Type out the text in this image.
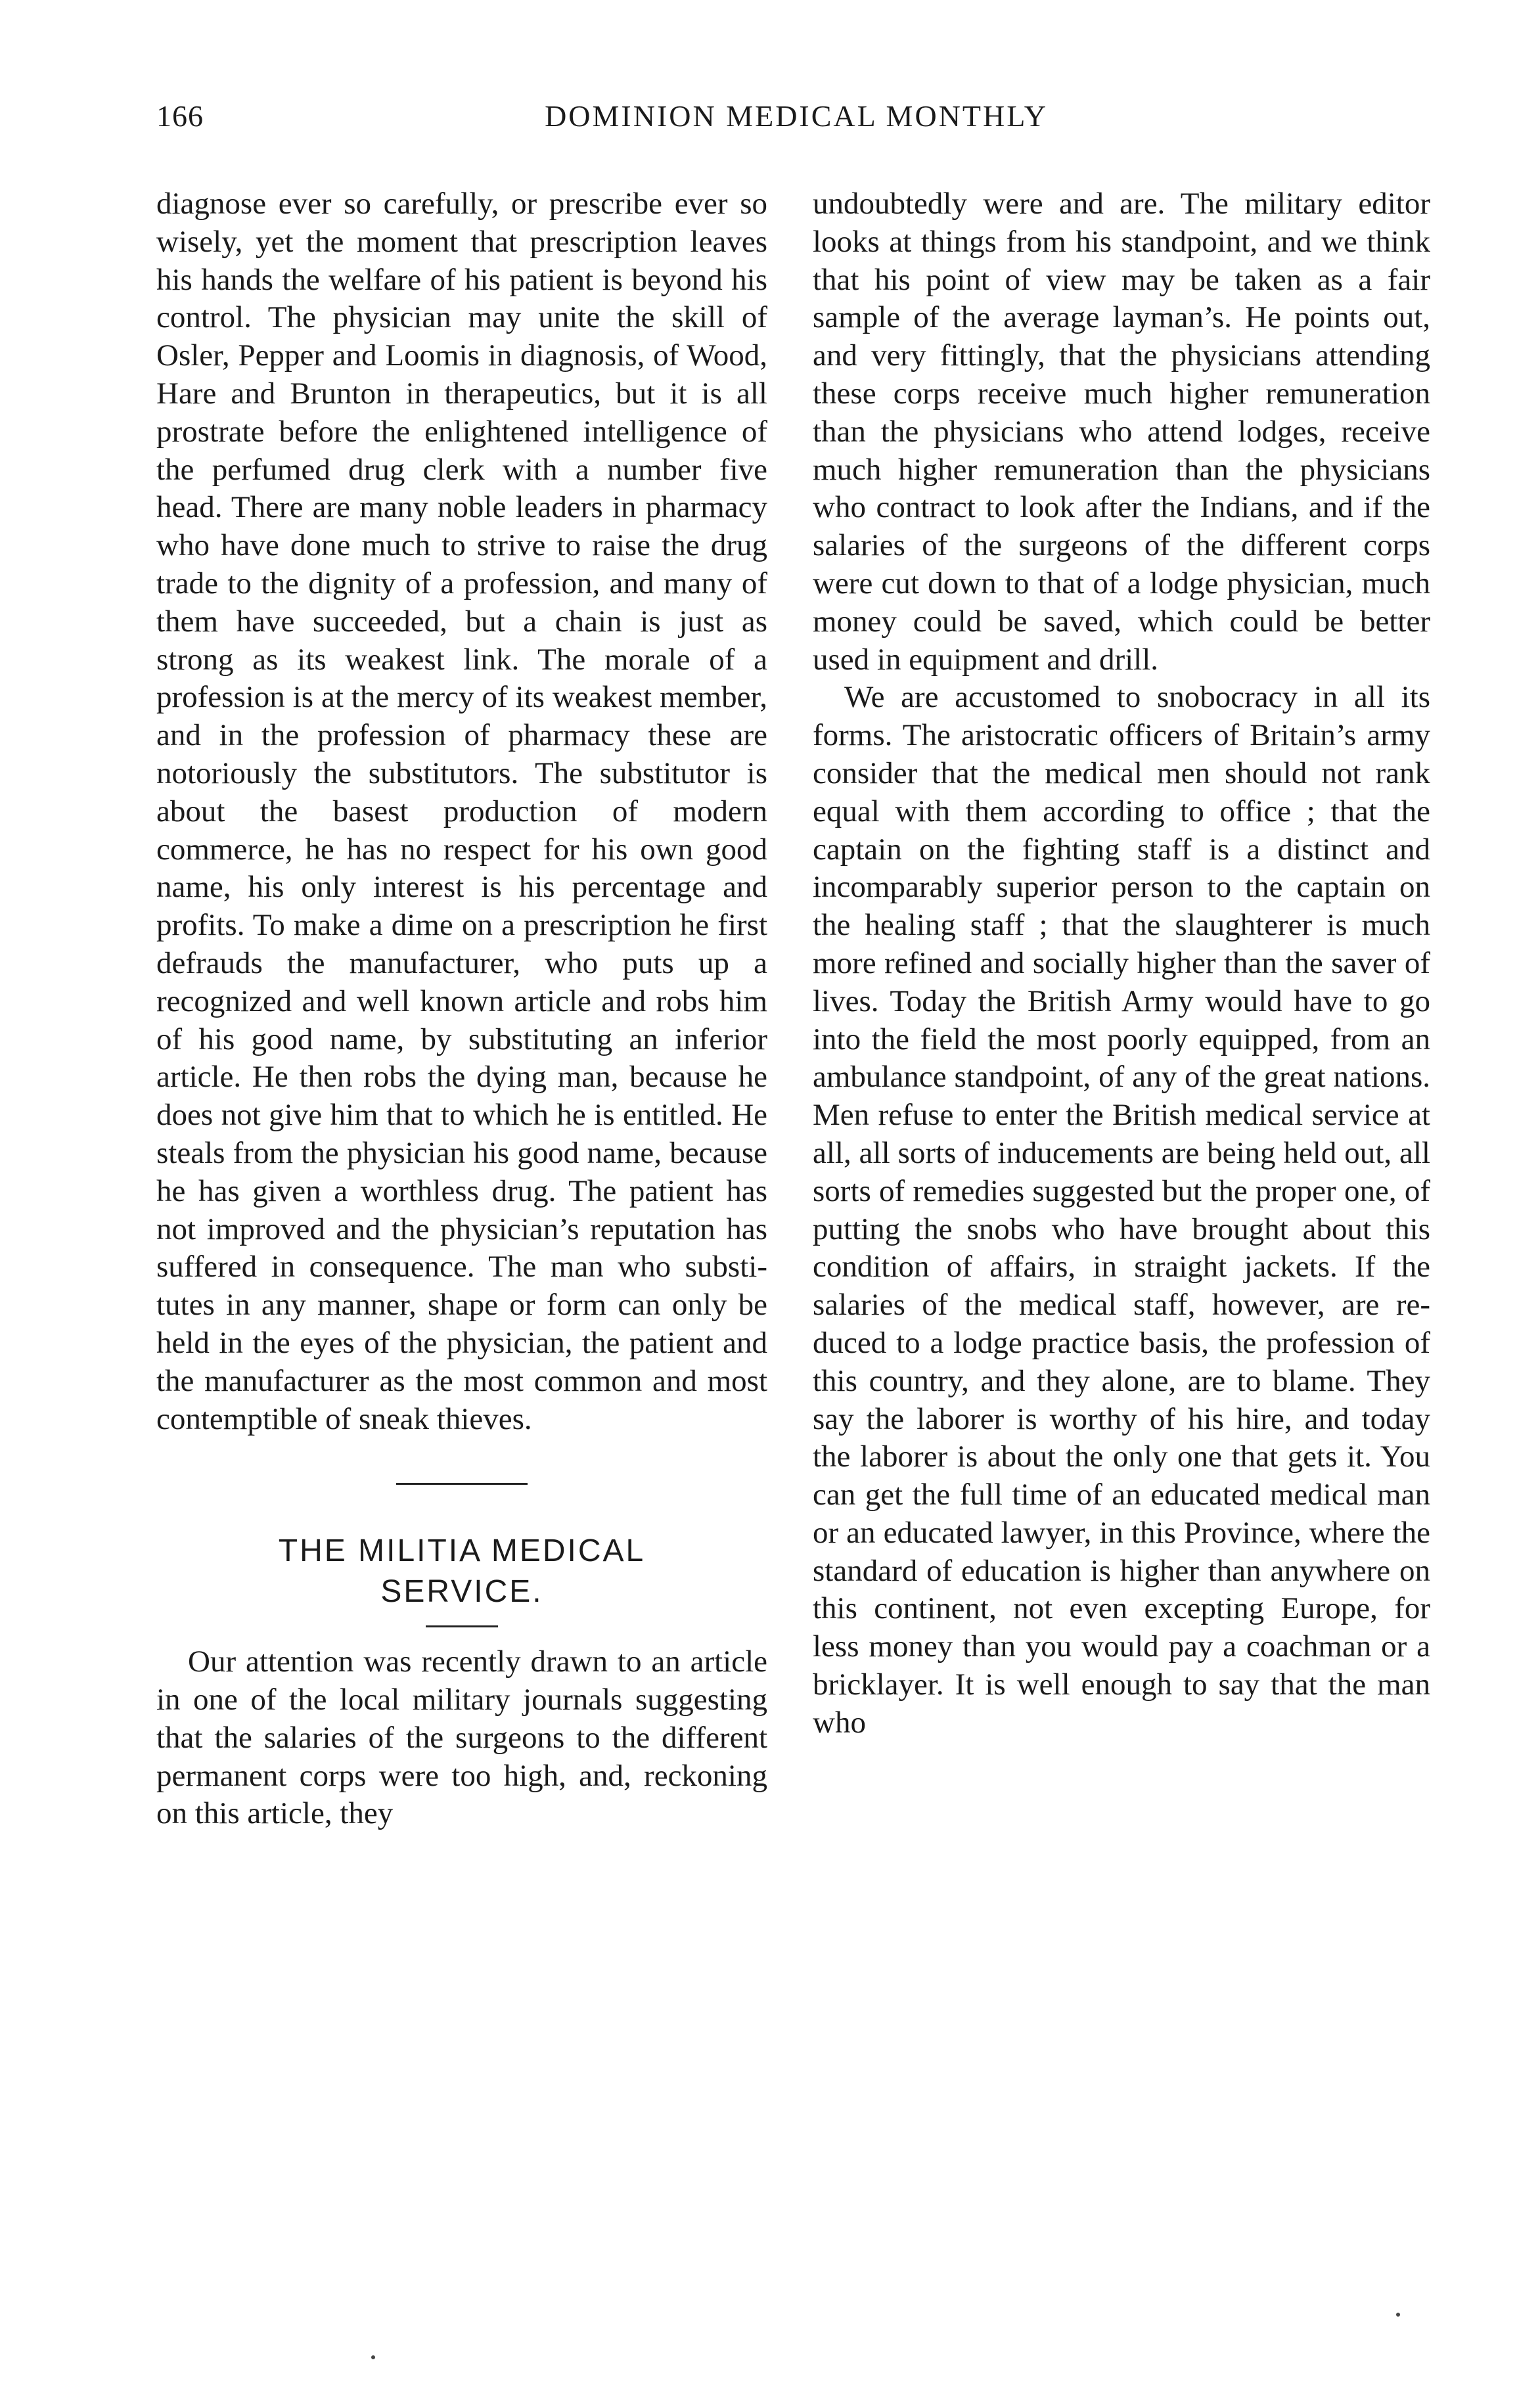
166	DOMINION MEDICAL MONTHLY

diagnose ever so carefully, or prescribe ever so wisely, yet the moment that prescription leaves his hands the welfare of his patient is beyond his control. The physician may unite the skill of Osler, Pepper and Loomis in diagnosis, of Wood, Hare and Brunton in therapeutics, but it is all prostrate before the enlightened intelligence of the perfumed drug clerk with a number five head. There are many noble leaders in pharmacy who have done much to strive to raise the drug trade to the dignity of a profession, and many of them have succeeded, but a chain is just as strong as its weakest link. The morale of a profession is at the mercy of its weakest member, and in the profession of pharmacy these are notoriously the substitutors. The substitutor is about the basest production of modern commerce, he has no respect for his own good name, his only interest is his percentage and profits. To make a dime on a prescription he first defrauds the manufacturer, who puts up a recognized and well known article and robs him of his good name, by substituting an inferior article. He then robs the dying man, because he does not give him that to which he is entitled. He steals from the physician his good name, because he has given a worthless drug. The patient has not improved and the physician’s reputation has suffered in consequence. The man who substitutes in any manner, shape or form can only be held in the eyes of the physician, the patient and the manufacturer as the most common and most contemptible of sneak thieves.

THE MILITIA MEDICAL
SERVICE.

Our attention was recently drawn to an article in one of the local military journals suggesting that the salaries of the surgeons to the different permanent corps were too high, and, reckoning on this article, they

undoubtedly were and are. The military editor looks at things from his standpoint, and we think that his point of view may be taken as a fair sample of the average layman’s. He points out, and very fittingly, that the physicians attending these corps receive much higher remuneration than the physicians who attend lodges, receive much higher remuneration than the physicians who contract to look after the Indians, and if the salaries of the surgeons of the different corps were cut down to that of a lodge physician, much money could be saved, which could be better used in equipment and drill.

We are accustomed to snobocracy in all its forms. The aristocratic officers of Britain’s army consider that the medical men should not rank equal with them according to office ; that the captain on the fighting staff is a distinct and incomparably superior person to the captain on the healing staff ; that the slaughterer is much more refined and socially higher than the saver of lives. Today the British Army would have to go into the field the most poorly equipped, from an ambulance standpoint, of any of the great nations. Men refuse to enter the British medical service at all, all sorts of inducements are being held out, all sorts of remedies suggested but the proper one, of putting the snobs who have brought about this condition of affairs, in straight jackets. If the salaries of the medical staff, however, are reduced to a lodge practice basis, the profession of this country, and they alone, are to blame. They say the laborer is worthy of his hire, and today the laborer is about the only one that gets it. You can get the full time of an educated medical man or an educated lawyer, in this Province, where the standard of education is higher than anywhere on this continent, not even excepting Europe, for less money than you would pay a coachman or a bricklayer. It is well enough to say that the man who
